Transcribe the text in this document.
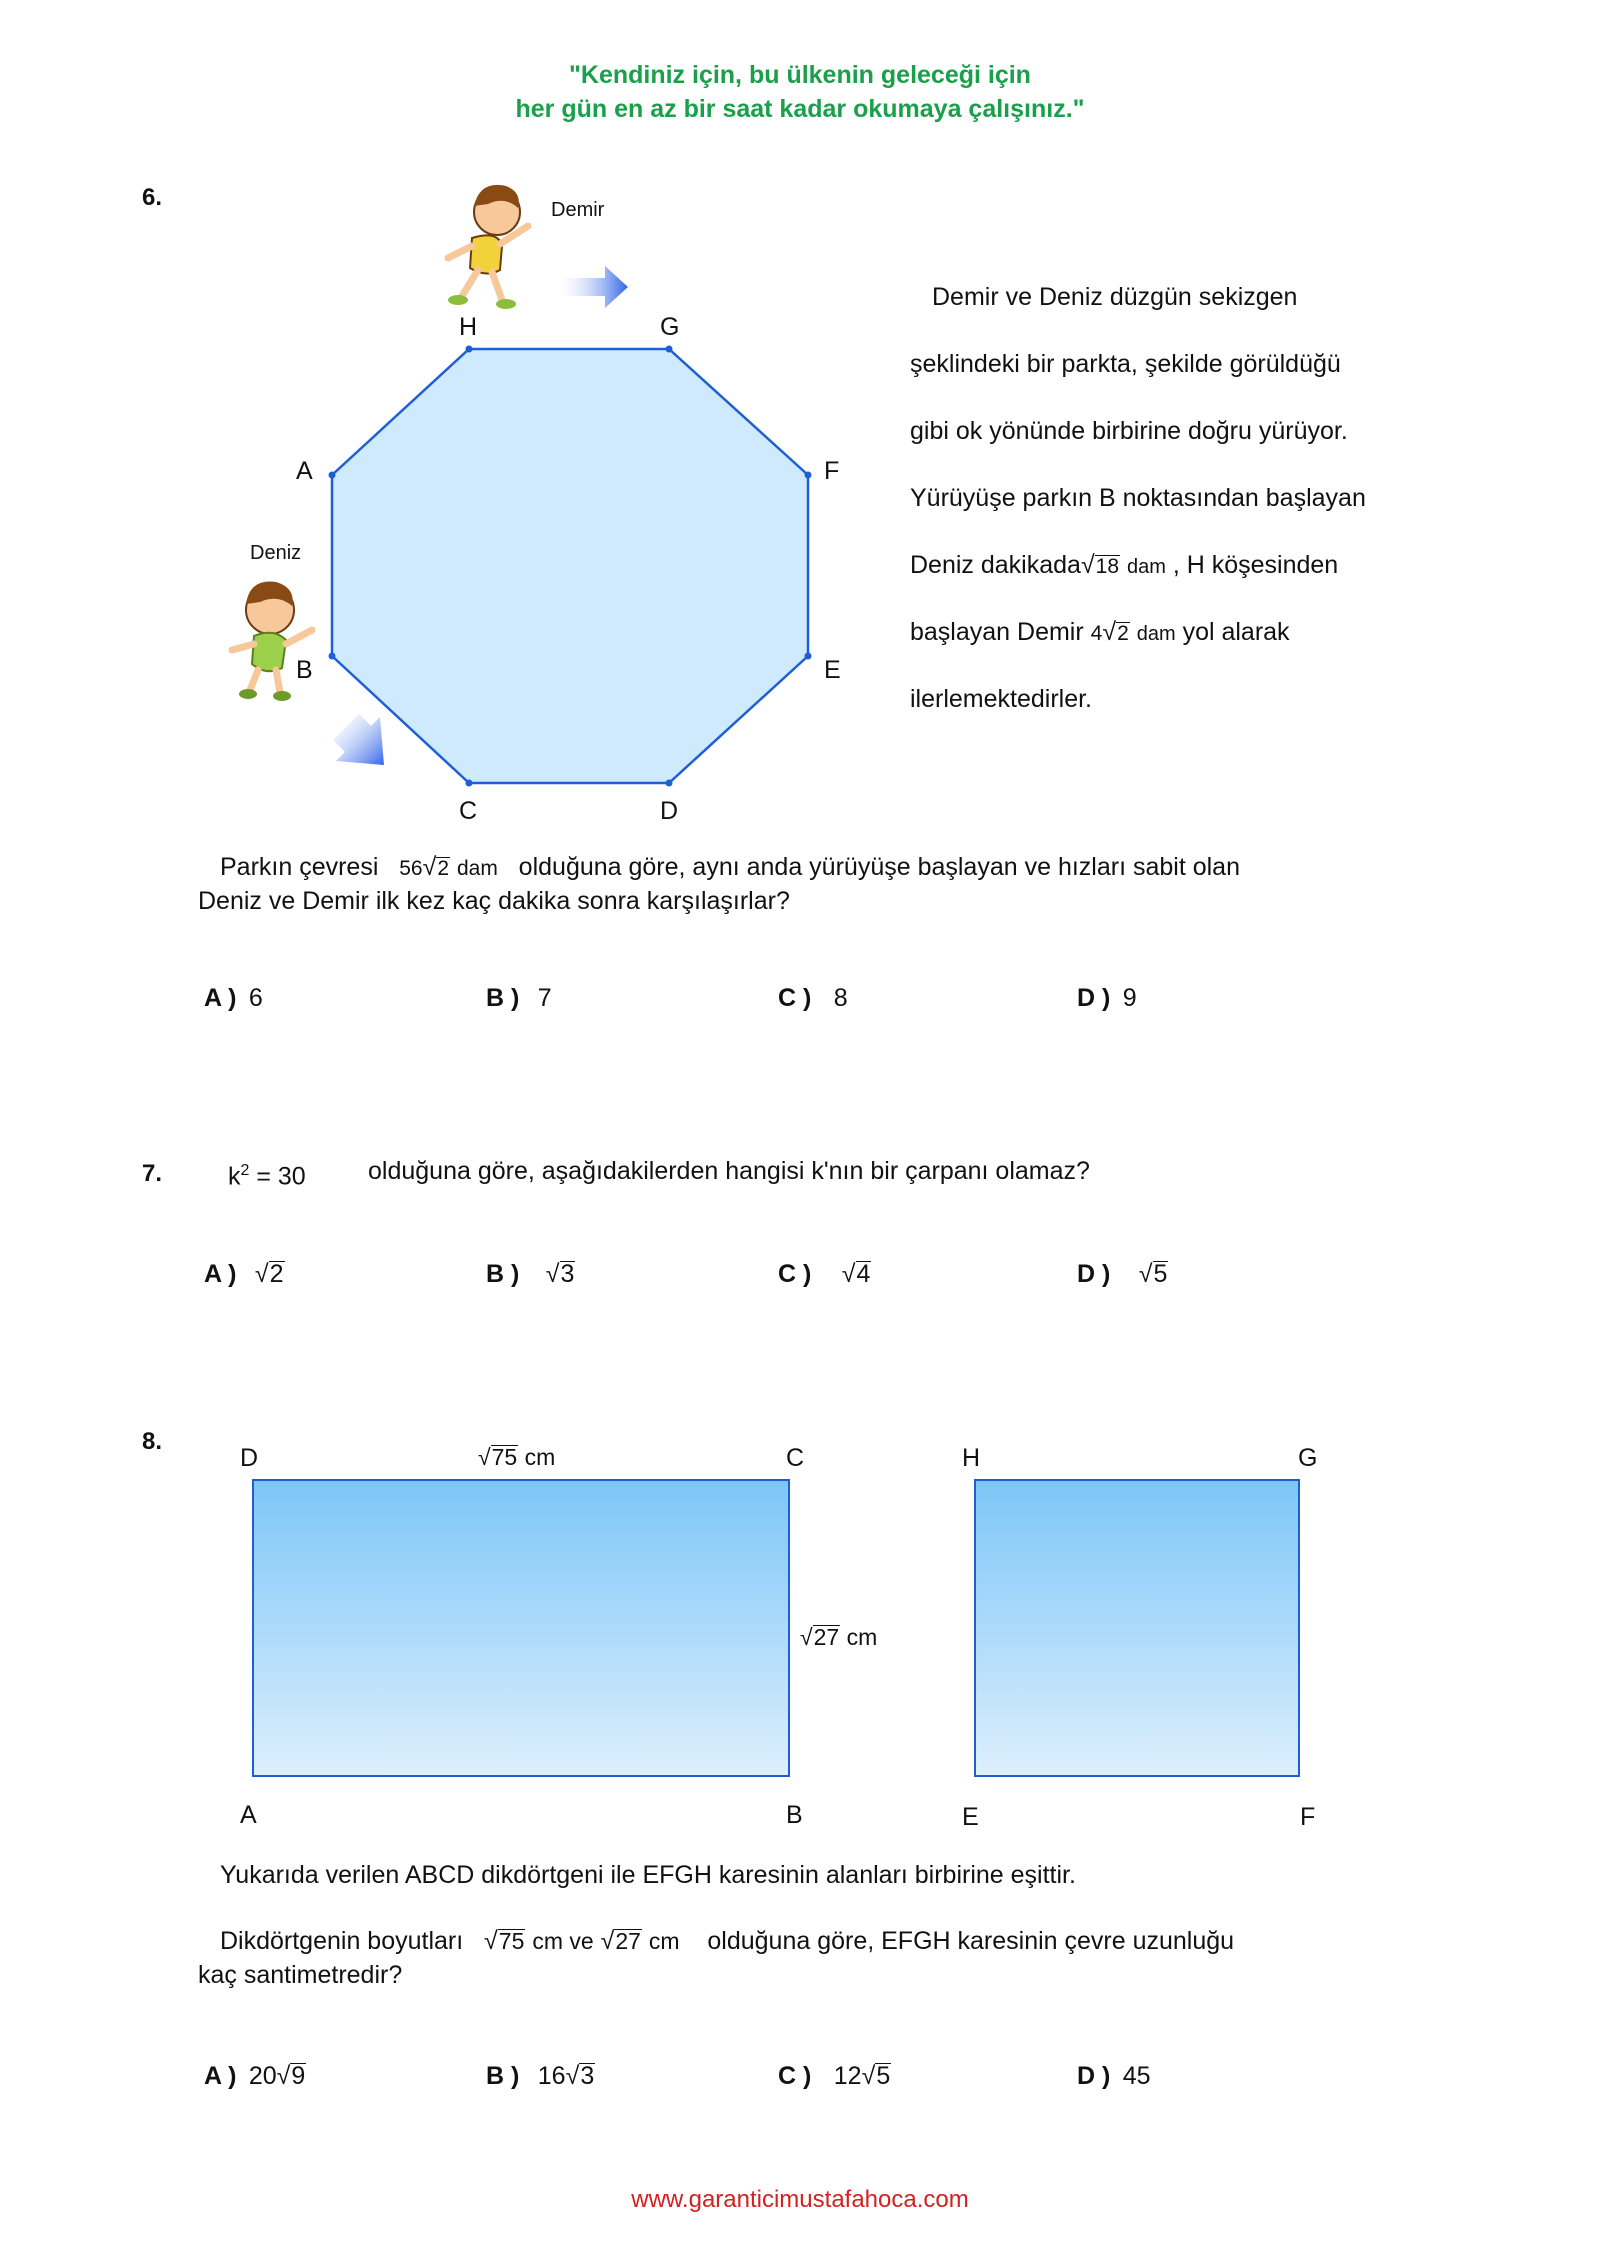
"Kendiniz için, bu ülkenin geleceği için
her gün en az bir saat kadar okumaya çalışınız."
6.	Demir
Deniz
H	G
F
E
D
C
B
A
Demir ve Deniz düzgün sekizgen
şeklindeki bir parkta, şekilde görüldüğü
gibi ok yönünde birbirine doğru yürüyor.
Yürüyüşe parkın B noktasından başlayan
Deniz dakikada√18 dam , H köşesinden
başlayan Demir 4√2 dam yol alarak
ilerlemektedirler.
Parkın çevresi 56√2 dam olduğuna göre, aynı anda yürüyüşe başlayan ve hızları sabit olan
Deniz ve Demir ilk kez kaç dakika sonra karşılaşırlar?
A ) 6	B ) 7	C ) 8	D ) 9
7.	$k^2 = 30$ olduğuna göre, aşağıdakilerden hangisi k'nın bir çarpanı olamaz?
A ) √2	B ) √3	C ) √4	D ) √5
8.
D	C
A	B
H	G
E	F
√75 cm
√27 cm
Yukarıda verilen ABCD dikdörtgeni ile EFGH karesinin alanları birbirine eşittir.
Dikdörtgenin boyutları √75 cm ve √27 cm olduğuna göre, EFGH karesinin çevre uzunluğu
kaç santimetredir?
A ) 20√9	B ) 16√3	C ) 12√5	D ) 45
www.garanticimustafahoca.com
